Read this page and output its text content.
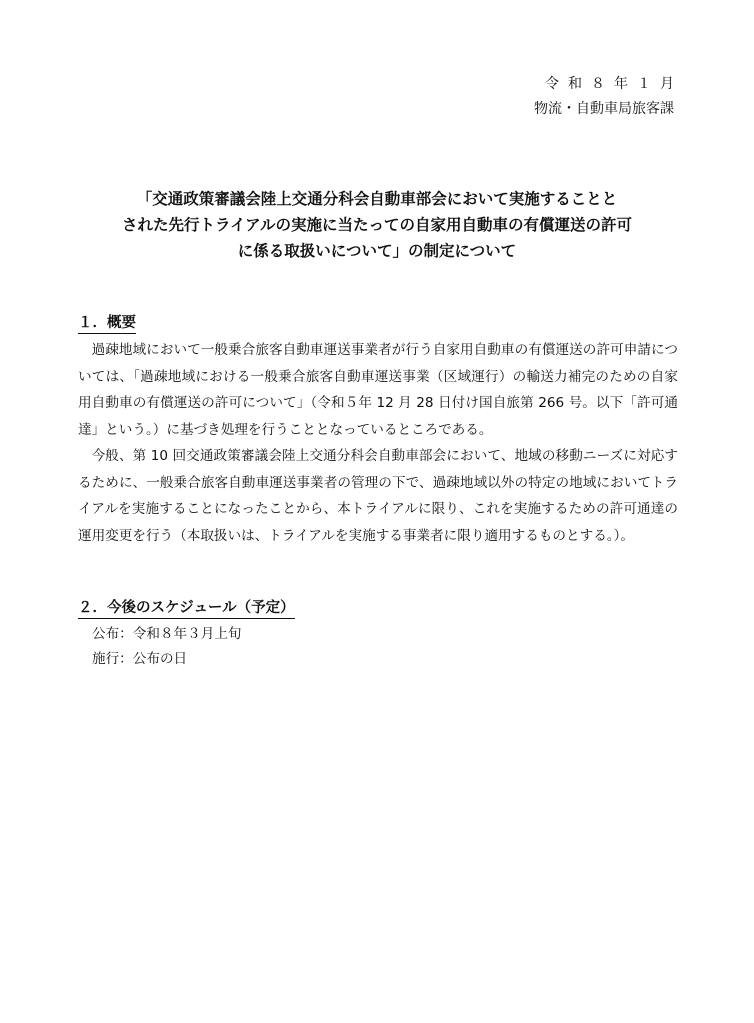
令和８年１月
物流・自動車局旅客課
「交通政策審議会陸上交通分科会自動車部会において実施することと
された先行トライアルの実施に当たっての自家用自動車の有償運送の許可
に係る取扱いについて」の制定について
１．概要

過疎地域において一般乗合旅客自動車運送事業者が行う自家用自動車の有償運送の許可申請については、「過疎地域における一般乗合旅客自動車運送事業（区域運行）の輸送力補完のための自家用自動車の有償運送の許可について」（令和５年 12 月 28 日付け国自旅第 266 号。以下「許可通達」という。）に基づき処理を行うこととなっているところである。

今般、第 10 回交通政策審議会陸上交通分科会自動車部会において、地域の移動ニーズに対応するために、一般乗合旅客自動車運送事業者の管理の下で、過疎地域以外の特定の地域においてトライアルを実施することになったことから、本トライアルに限り、これを実施するための許可通達の運用変更を行う（本取扱いは、トライアルを実施する事業者に限り適用するものとする。）。

２．今後のスケジュール（予定）

公布：令和８年３月上旬

施行：公布の日
